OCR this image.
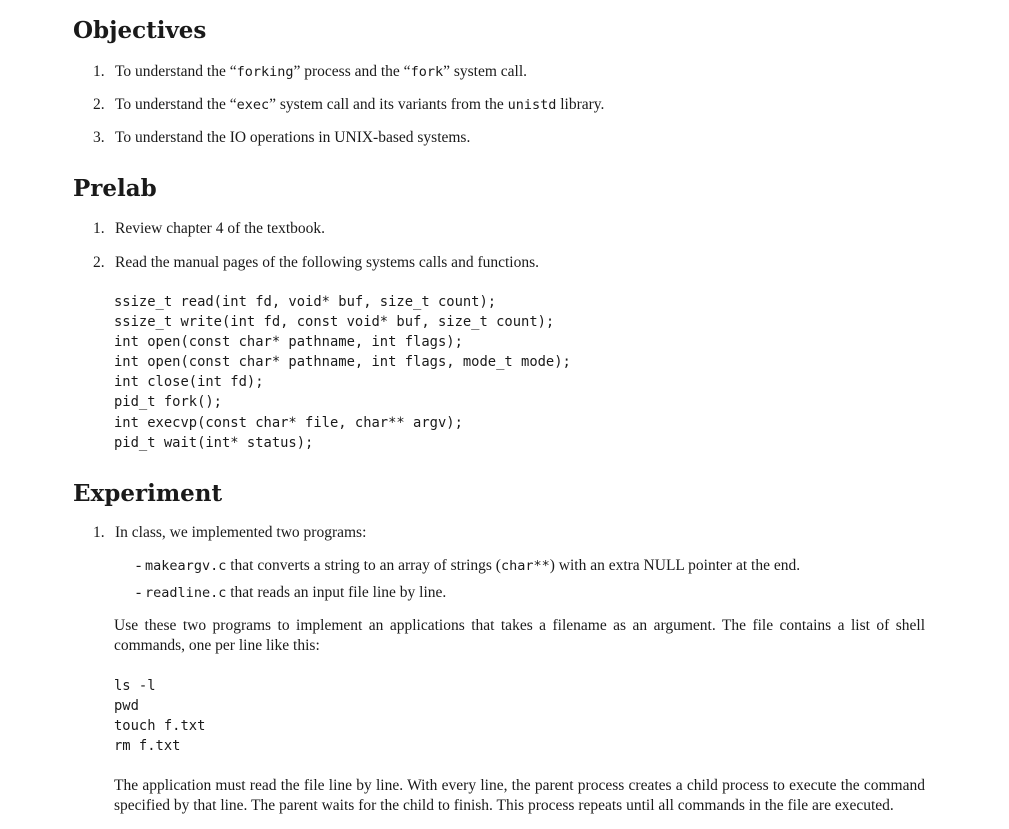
Objectives

1. To understand the “forking” process and the “fork” system call.

2. To understand the “exec” system call and its variants from the unistd library.

3. To understand the IO operations in UNIX-based systems.

Prelab

1. Review chapter 4 of the textbook.

2. Read the manual pages of the following systems calls and functions.

ssize_t read(int fd, void* buf, size_t count);
ssize_t write(int fd, const void* buf, size_t count);
int open(const char* pathname, int flags);
int open(const char* pathname, int flags, mode_t mode);
int close(int fd);
pid_t fork();
int execvp(const char* file, char** argv);
pid_t wait(int* status);
Experiment

1. In class, we implemented two programs:

- makeargv.c that converts a string to an array of strings (char**) with an extra NULL pointer at the end.

- readline.c that reads an input file line by line.

Use these two programs to implement an applications that takes a filename as an argument. The file contains a list of shell commands, one per line like this:

ls -l
pwd
touch f.txt
rm f.txt

The application must read the file line by line. With every line, the parent process creates a child process to execute the command specified by that line. The parent waits for the child to finish. This process repeats until all commands in the file are executed.
